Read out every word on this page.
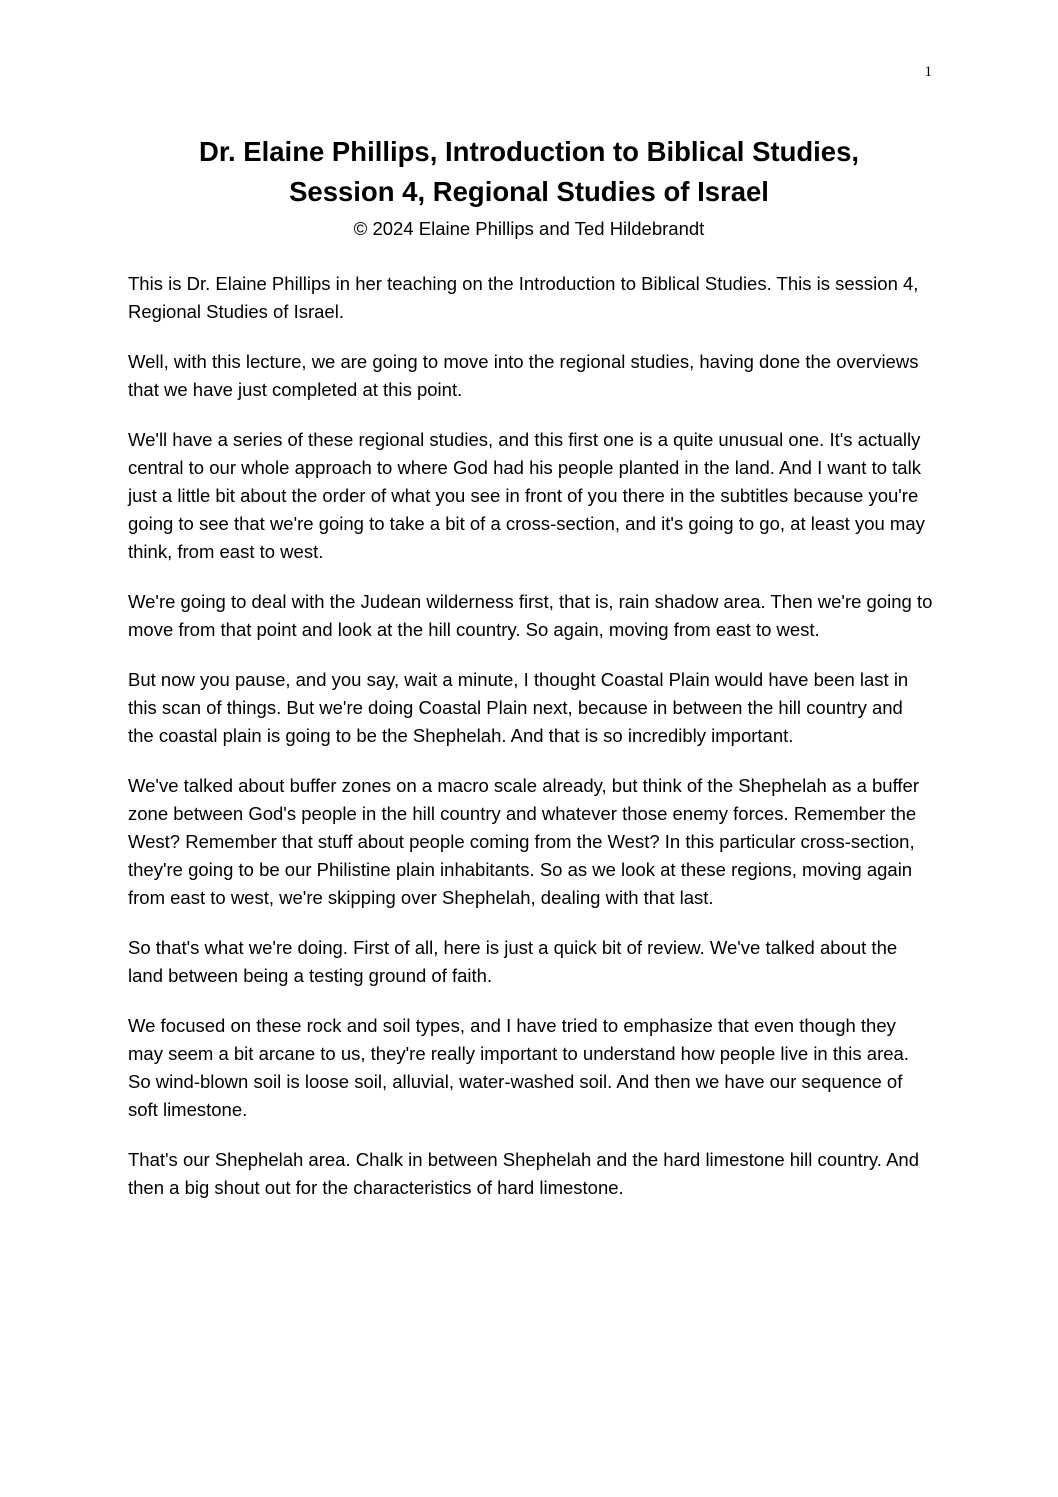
1
Dr. Elaine Phillips, Introduction to Biblical Studies,
Session 4, Regional Studies of Israel
© 2024 Elaine Phillips and Ted Hildebrandt

This is Dr. Elaine Phillips in her teaching on the Introduction to Biblical Studies. This is session 4, Regional Studies of Israel.

Well, with this lecture, we are going to move into the regional studies, having done the overviews that we have just completed at this point.

We'll have a series of these regional studies, and this first one is a quite unusual one. It's actually central to our whole approach to where God had his people planted in the land. And I want to talk just a little bit about the order of what you see in front of you there in the subtitles because you're going to see that we're going to take a bit of a cross-section, and it's going to go, at least you may think, from east to west.

We're going to deal with the Judean wilderness first, that is, rain shadow area. Then we're going to move from that point and look at the hill country. So again, moving from east to west.

But now you pause, and you say, wait a minute, I thought Coastal Plain would have been last in this scan of things. But we're doing Coastal Plain next, because in between the hill country and the coastal plain is going to be the Shephelah. And that is so incredibly important.

We've talked about buffer zones on a macro scale already, but think of the Shephelah as a buffer zone between God's people in the hill country and whatever those enemy forces. Remember the West? Remember that stuff about people coming from the West? In this particular cross-section, they're going to be our Philistine plain inhabitants. So as we look at these regions, moving again from east to west, we're skipping over Shephelah, dealing with that last.

So that's what we're doing. First of all, here is just a quick bit of review. We've talked about the land between being a testing ground of faith.

We focused on these rock and soil types, and I have tried to emphasize that even though they may seem a bit arcane to us, they're really important to understand how people live in this area. So wind-blown soil is loose soil, alluvial, water-washed soil. And then we have our sequence of soft limestone.

That's our Shephelah area. Chalk in between Shephelah and the hard limestone hill country. And then a big shout out for the characteristics of hard limestone.
